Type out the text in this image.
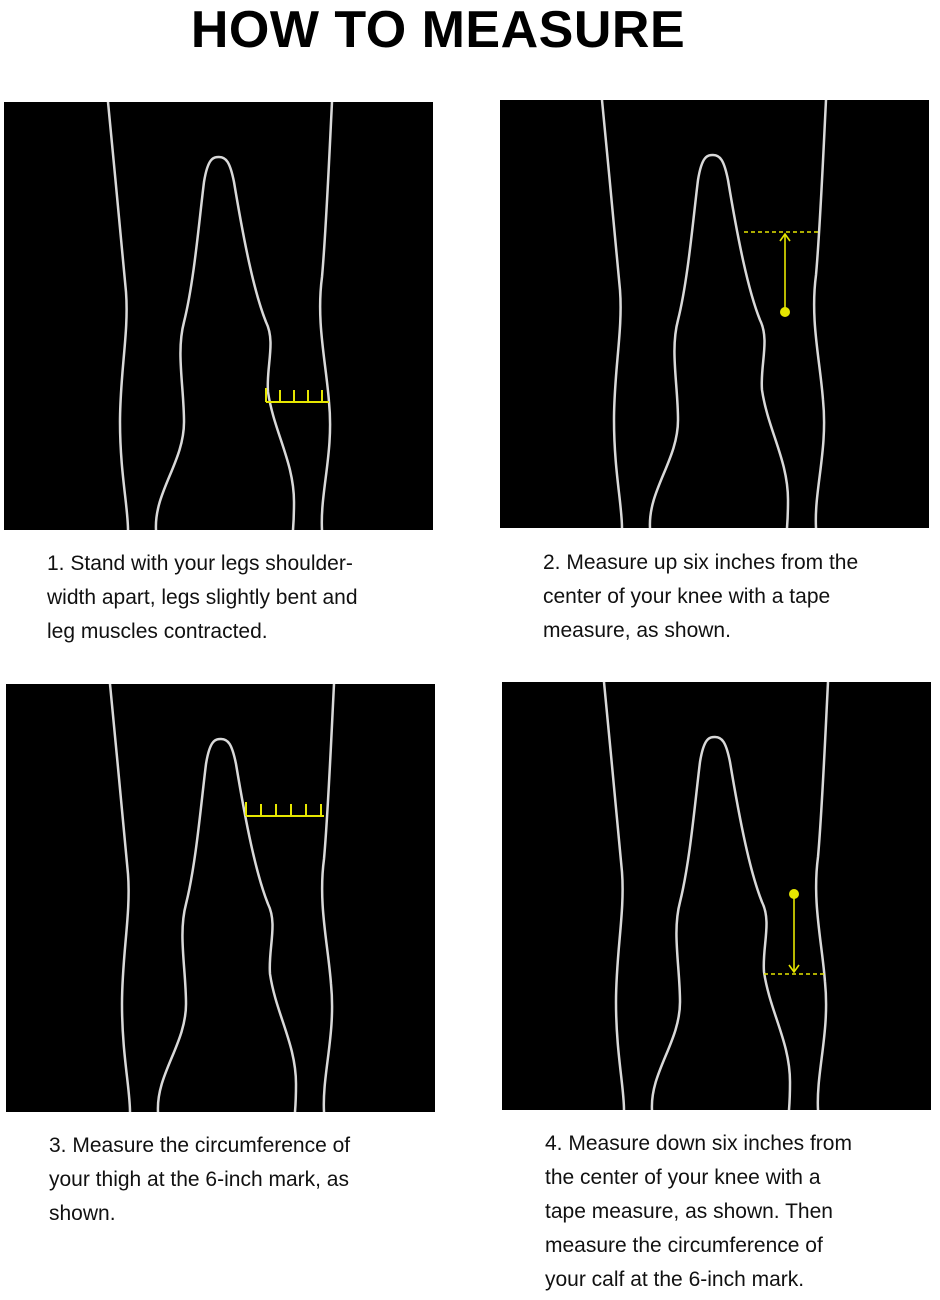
HOW TO MEASURE
1. Stand with your legs shoulder-
width apart, legs slightly bent and
leg muscles contracted.
2. Measure up six inches from the
center of your knee with a tape
measure, as shown.
3. Measure the circumference of
your thigh at the 6-inch mark, as
shown.
4. Measure down six inches from
the center of your knee with a
tape measure, as shown. Then
measure the circumference of
your calf at the 6-inch mark.
